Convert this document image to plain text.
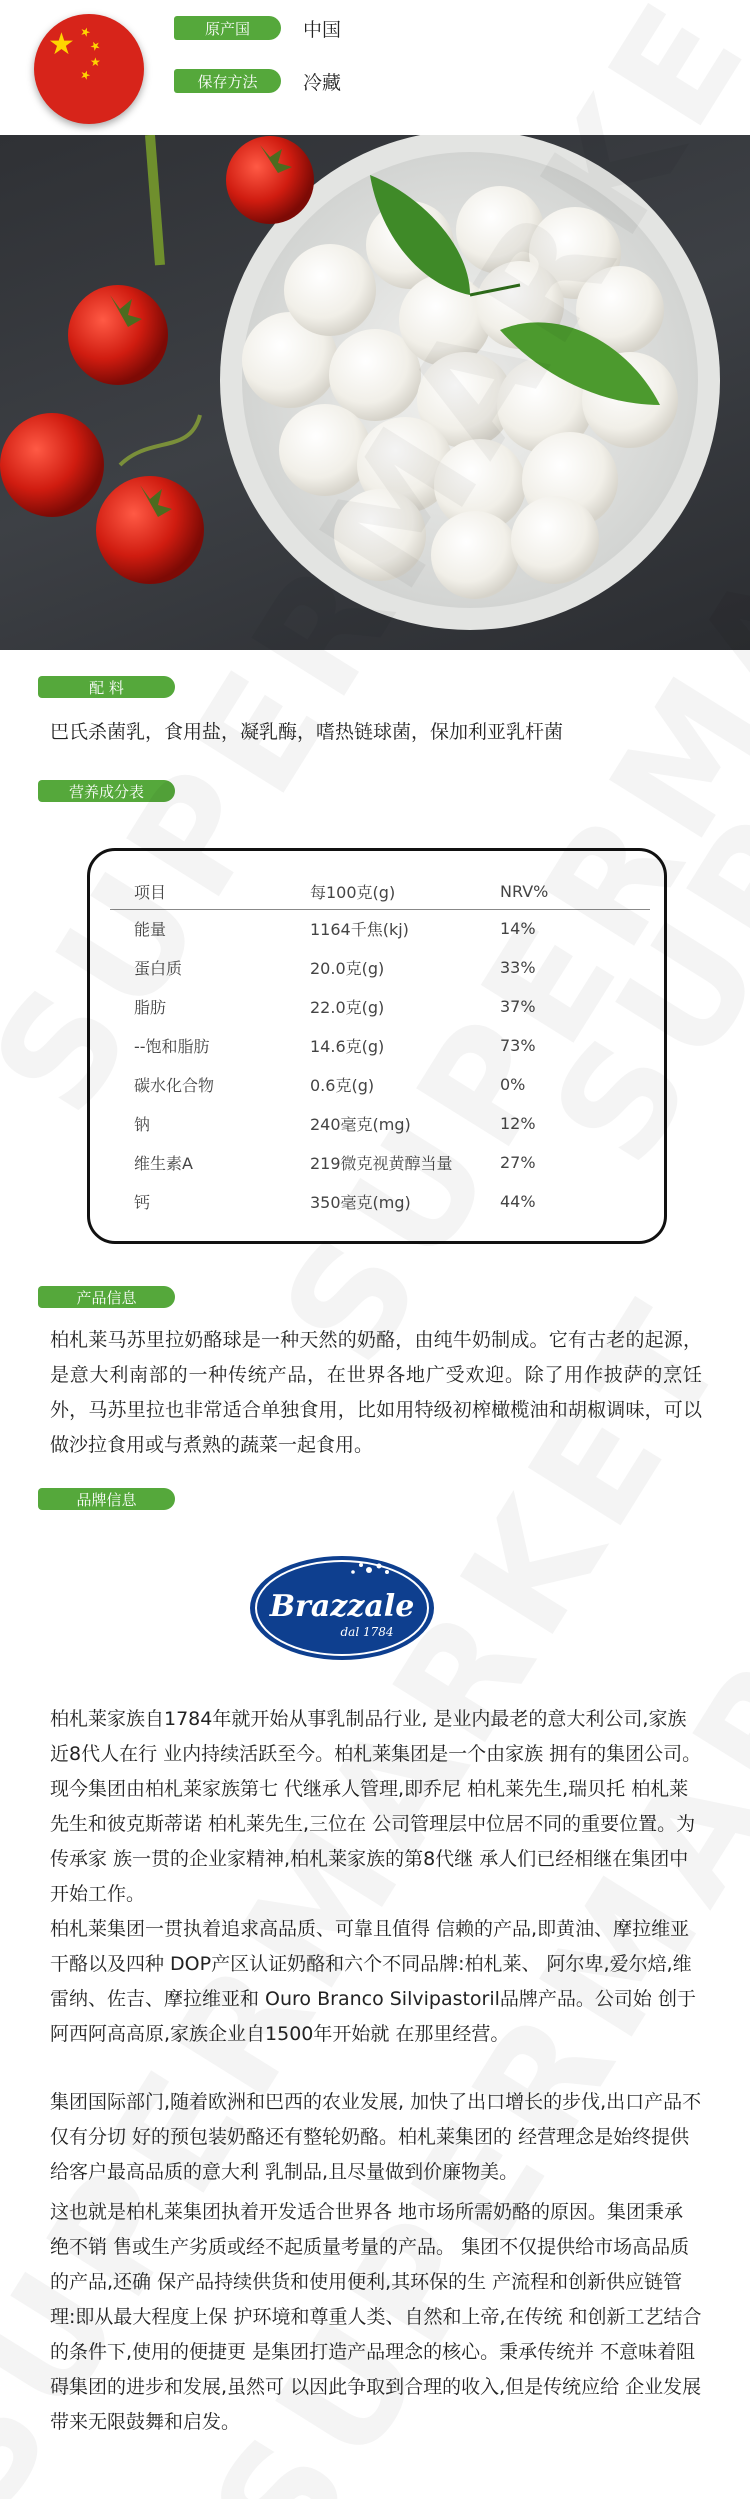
★ ★
★
★
★
原产国	中国
保存方法	冷藏
配 料
巴氏杀菌乳，食用盐，凝乳酶，嗜热链球菌，保加利亚乳杆菌
营养成分表
项目	每100克(g)	NRV%
能量	1164千焦(kj)	14%
蛋白质	20.0克(g)	33%
脂肪	22.0克(g)	37%
--饱和脂肪	14.6克(g)	73%
碳水化合物	0.6克(g)	0%
钠	240毫克(mg)	12%
维生素A	219微克视黄醇当量	27%
钙	350毫克(mg)	44%
产品信息
柏札莱马苏里拉奶酪球是一种天然的奶酪，由纯牛奶制成。它有古老的起源，是意大利南部的一种传统产品，在世界各地广受欢迎。除了用作披萨的烹饪外，马苏里拉也非常适合单独食用，比如用特级初榨橄榄油和胡椒调味，可以做沙拉食用或与煮熟的蔬菜一起食用。
品牌信息
Brazzale
dal 1784
柏札莱家族自1784年就开始从事乳制品行业, 是业内最老的意大利公司,家族近8代人在行 业内持续活跃至今。柏札莱集团是一个由家族 拥有的集团公司。现今集团由柏札莱家族第七 代继承人管理,即乔尼 柏札莱先生,瑞贝托 柏札莱先生和彼克斯蒂诺 柏札莱先生,三位在 公司管理层中位居不同的重要位置。为传承家 族一贯的企业家精神,柏札莱家族的第8代继 承人们已经相继在集团中开始工作。
柏札莱集团一贯执着追求高品质、可靠且值得 信赖的产品,即黄油、摩拉维亚干酪以及四种 DOP产区认证奶酪和六个不同品牌:柏札莱、 阿尔卑,爱尔焙,维雷纳、佐吉、摩拉维亚和 Ouro Branco Silvipastoril品牌产品。公司始 创于阿西阿高高原,家族企业自1500年开始就 在那里经营。
集团国际部门,随着欧洲和巴西的农业发展, 加快了出口增长的步伐,出口产品不仅有分切 好的预包装奶酪还有整轮奶酪。柏札莱集团的 经营理念是始终提供给客户最高品质的意大利 乳制品,且尽量做到价廉物美。
这也就是柏札莱集团执着开发适合世界各 地市场所需奶酪的原因。集团秉承绝不销 售或生产劣质或经不起质量考量的产品。 集团不仅提供给市场高品质的产品,还确 保产品持续供货和使用便利,其环保的生 产流程和创新供应链管理:即从最大程度上保 护环境和尊重人类、自然和上帝,在传统 和创新工艺结合的条件下,使用的便捷更 是集团打造产品理念的核心。秉承传统并 不意味着阻碍集团的进步和发展,虽然可 以因此争取到合理的收入,但是传统应给 企业发展带来无限鼓舞和启发。
